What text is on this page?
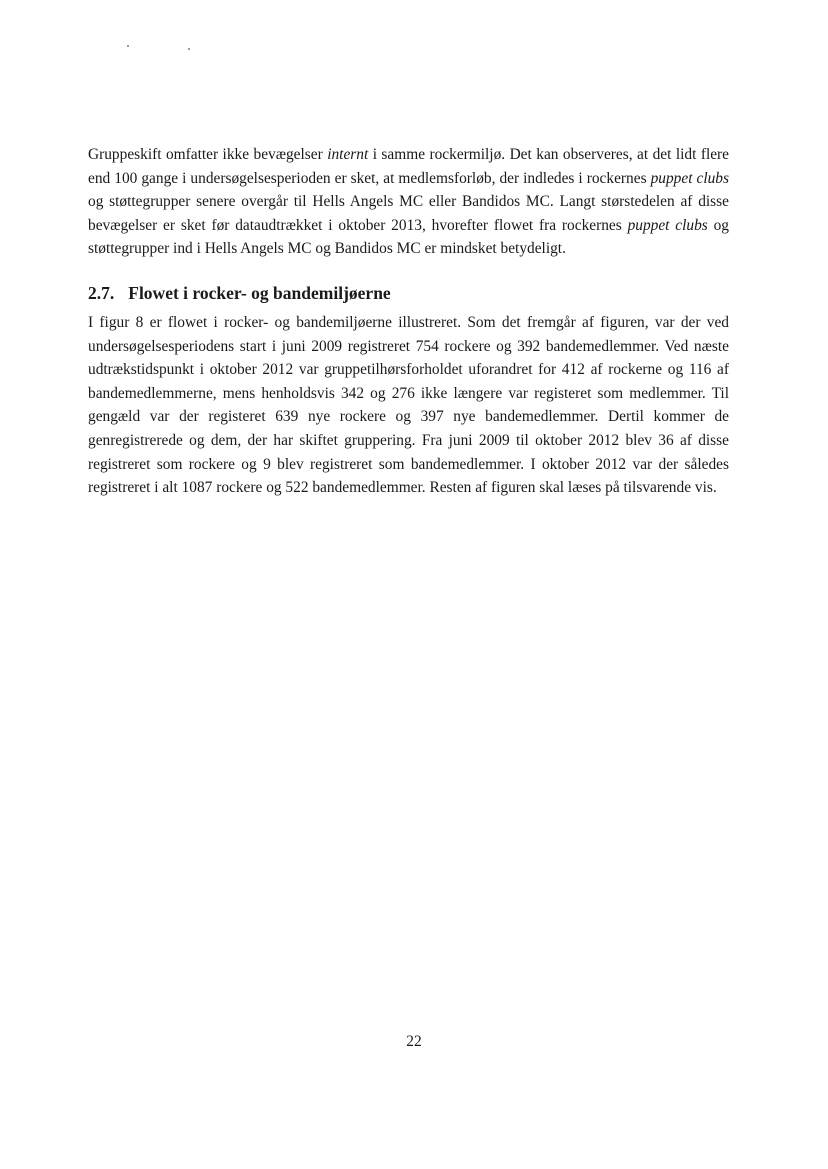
Gruppeskift omfatter ikke bevægelser internt i samme rockermiljø. Det kan observeres, at det lidt flere end 100 gange i undersøgelsesperioden er sket, at medlemsforløb, der indledes i rockernes puppet clubs og støttegrupper senere overgår til Hells Angels MC eller Bandidos MC. Langt størstedelen af disse bevægelser er sket før dataudtrækket i oktober 2013, hvorefter flowet fra rockernes puppet clubs og støttegrupper ind i Hells Angels MC og Bandidos MC er mindsket betydeligt.

2.7. Flowet i rocker- og bandemiljøerne

I figur 8 er flowet i rocker- og bandemiljøerne illustreret. Som det fremgår af figuren, var der ved undersøgelsesperiodens start i juni 2009 registreret 754 rockere og 392 bandemedlemmer. Ved næste udtrækstidspunkt i oktober 2012 var gruppetilhørsforholdet uforandret for 412 af rockerne og 116 af bandemedlemmerne, mens henholdsvis 342 og 276 ikke længere var registeret som medlemmer. Til gengæld var der registeret 639 nye rockere og 397 nye bandemedlemmer. Dertil kommer de genregistrerede og dem, der har skiftet gruppering. Fra juni 2009 til oktober 2012 blev 36 af disse registreret som rockere og 9 blev registreret som bandemedlemmer. I oktober 2012 var der således registreret i alt 1087 rockere og 522 bandemedlemmer. Resten af figuren skal læses på tilsvarende vis.

22
